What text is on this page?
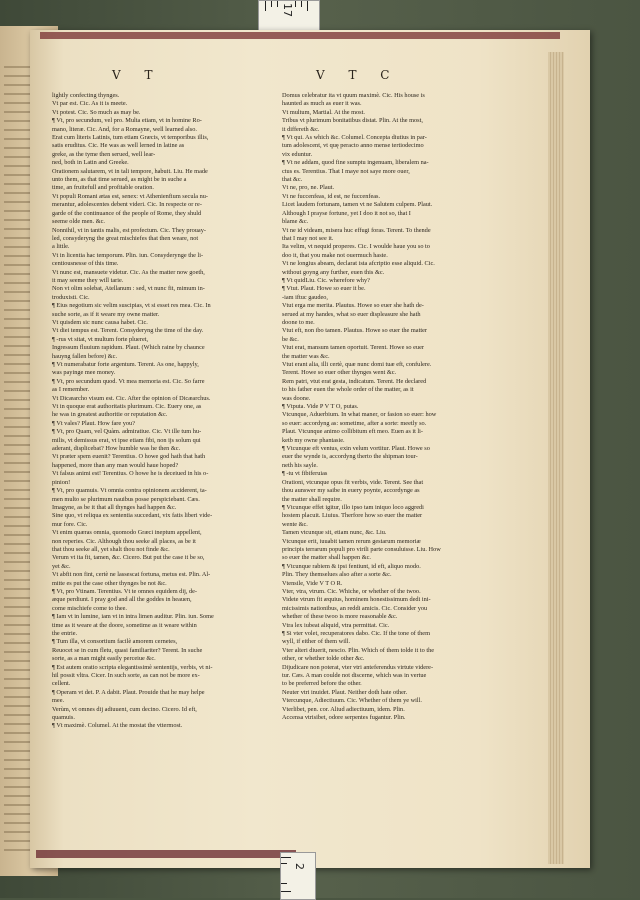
17
V T	V T C
lightly confecting thynges.
Vt par est. Cic. As it is meete.
Vt potest. Cic. So much as may be.
¶ Vt, pro secundum, vel pro. Multa etiam, vt in homine Ro-
mano, literæ. Cic. And, for a Romayne, well learned also.
Erat cum literis Latinis, tum etiam Græcis, vt temporibus illis,
satis eruditus. Cic. He was as well lerned in latine as
greke, as the tyme then serued, well lear-
ned, both in Latin and Greeke.
Orationem salutarem, vt in tali tempore, habuit. Liu. He made
unto them, as that time serued, as might be in suche a
time, an fruitefull and profitable oration.
Vt populi Romani ætas est, senex: vt Athenienfium secula nu-
merantur, adolescentes debent videri. Cic. In respecte or re-
garde of the continuance of the people of Rome, they shuld
seeme olde men. &c.
Nonnihil, vt in tantis malis, est profectum. Cic. They prouay-
led, consyderyng the great mischiefes that then weare, not
a little.
Vt in licentia hac temporum. Plin. iun. Consyderynge the li-
centiousnesse of this time.
Vt nunc est, mansuete videtur. Cic. As the matter now goeth,
it may seeme they will tarie.
Non vt olim solebat, Atellanum : sed, vt nunc fit, mimum in-
troduxisti. Cic.
¶ Eius negotium sic velim suscipias, vt si esset res mea. Cic. In
suche sorte, as if it weare my owne matter.
Vt quisdem sic nunc causa habet. Cic.
Vt diei tempus est. Terent. Consyderyng the time of the day.
¶ -rus vt sitat, vt multum forte plueret,
Ingressum fluuium rapidum. Plaut. (Which raine by chaunce
hauyng fallen before) &c.
¶ Vt numerabatur forte argentum. Terent. As one, happyly,
was payinge mee money.
¶ Vt, pro secundum quod. Vt mea memoria est. Cic. So farre
as I remember.
Vt Dicæarcho visum est. Cic. After the opinion of Dicæarchus.
Vt in quoque erat authoritatis plurimum. Cic. Euery one, as
he was in greatest authoritie or reputation &c.
¶ Vt vales? Plaut. How fare you?
¶ Vt, pro Quam, vel Quàm. admiratiue. Cic. Vt ille tum hu-
milis, vt demissus erat, vt ipse etiam fibi, non ijs solum qui
aderant, displicebat? How humble was he then &c.
Vt præter spem euenit? Terentius. O howe god hath that hath
happened, more than any man would haue hoped?
Vt falsus animi est! Terentius. O howe he is deceiued in his o-
pinion!
¶ Vt, pro quamuis. Vt omnia contra opinionem acciderent, ta-
men multo se plurimum nauibus posse perspiciebant. Cæs.
Imagyne, as be it that all thynges had happen &c.
Sine quo, vt reliqua ex sententia succedant, vix fatis liberi vide-
mur fore. Cic.
Vt enim quæras omnia, quomodo Græci ineptum appellent,
non reperies. Cic. Although thou seeke all places, as be it
that thou seeke all, yet shalt thou not finde &c.
Verum vt ita fit, tamen, &c. Cicero. But put the case it be so,
yet &c.
Vt abfit non fint, certè ne lassescat fortuna, metus est. Plin. Al-
mitte es put the case other thynges be not &c.
¶ Vt, pro Vtinam. Terentius. Vt te omnes equidem dij, de-
æque perdiunt. I pray god and all the goddes in heauen,
come mischiefe come to thee.
¶ Iam vt in lumine, iam vt in intra limen auditur. Plin. iun. Some
time as it weare at the doore, sometime as it weare within
the entrie.
¶ Tum illa, vt consortium facilè amorem cernetes,
Reuocet se in cum fletu, quasi familiariter? Terent. In suche
sorte, as a man might easily perceiue &c.
¶ Est autem oratio scripta elegantissimè sententijs, verbis, vt ni-
hil possit vltra. Cicer. In such sorte, as can not be more ex-
cellent.
¶ Operam vt det. P. A dabit. Plaut. Prouide that he may helpe
mee.
Verùm, vt omnes dij adiuuent, cum decino. Cicero. Id eft,
quamuis.
¶ Vt maximè. Columel. At the mostat the vttermost.
Domus celebratur ita vt quum maximè. Cic. His house is
haunted as much as euer it was.
Vt multum, Martial. At the most.
Tribus vt plurimum bonitatibus distat. Plin. At the most,
it differeth &c.
¶ Vt qui. As which &c. Columel. Concepta diutius in par-
tum adolescent, vt quę peracto anno mense tertiodecimo
vix eduntur.
¶ Vt ne addam, quod fine sumptu ingenuam, liberalem na-
ctus es. Terentius. That I maye not saye more ouer,
that &c.
Vt ne, pro, ne. Plaut.
Vt ne fuccenfeas, id est, ne fuccenfeas.
Licet laudem fortunam, tamen vt ne Salutem culpem. Plaut.
Although I prayse fortune, yet I doo it not so, that I
blame &c.
Vt ne id videam, misera huc effugi foras. Terent. To thende
that I may not see it.
Ita velim, vt nequid properes. Cic. I woulde haue you so to
doo it, that you make not ouermuch haste.
Vt ne longius abeam, declarat ista afcriptio esse aliquid. Cic.
without goyng any further, euen this &c.
¶ Vt quidLiu. Cic. wherefore why?
¶ Vtut. Plaut. Howe so euer it be.
-iam iftuc gaudeo,
Vtut erga me merita. Plautus. Howe so euer she hath de-
serued at my handes, what so euer displeasure she hath
doone to me.
Vtut eft, non ibo tamen. Plautus. Howe so euer the matter
be &c.
Vtut erat, mansum tamen oportuit. Terent. Howe so euer
the matter was &c.
Vtut erant alia, illi certè, quæ nunc domi tuæ eft, confulere.
Terent. Howe so euer other thynges went &c.
Rem patri, vtut erat gesta, indicatum. Terent. He declared
to his father euen the whole order of the matter, as it
was doone.
¶ Vtputa. Vide P V T O, putas.
Vtcunque, Aduerbium. In what maner, or fasion so euer: how
so euer: accordyng as: sometime, after a sorte: meetly so.
Plaut. Vtcunque animo collibitum eft meo. Euen as it li-
ketb my owne phantasie.
¶ Vtcunque eft ventus, exin velum vortitur. Plaut. Howe so
euer the wynde is, accordyng therto the shipman tour-
neth his sayle.
¶ -tu vt fibiferuias
Orationi, vtcunque opus fit verbis, vide. Terent. See that
thou aunswer my saibe in euery poynte, accordynge as
the matter shall require.
¶ Vtcunque effet igitur, illo ipso tam iniquo loco aggredi
hostem placuit. Liuius. Therfore how so euer the matter
wente &c.
Tamen vtcunque sit, etiam nunc, &c. Liu.
Vtcunque erit, iuuabit tamen rerum gestarum memoriæ
principis terrarum populi pro virili parte consuluisse. Liu. How
so euer the matter shall happen &c.
¶ Vtcunque rabiem & ipsi fentiunt, id eft, aliquo modo.
Plin. They themselues also after a sorte &c.
Vtensile, Vide V T O R.
Vter, vtra, vtrum. Cic. Whiche, or whether of the twoo.
Videte vtrum fit æquius, hominem honestissimum dedi ini-
micissimis nationibus, an reddi amicis. Cic. Consider you
whether of these twoo is more reasonable &c.
Vtra lex iubeat aliquid, vtra permittat. Cic.
¶ Si vter volet, recuperatores dabo. Cic. If the tone of them
wyll, if either of them will.
Vter alteri diuerit, nescio. Plin. Which of them tolde it to the
other, or whether tolde other &c.
Dijudicare non poterat, vter vtri anteferendus virtute videre-
tur. Cæs. A man coulde not discerne, which was in vertue
to be preferred before the other.
Neuter vtri inuidet. Plaut. Neither doth hate other.
Vtercunque, Adiectiuum. Cic. Whether of them ye will.
Vterlibet, pen. cor. Aliud adiectiuum, idem. Plin.
Accensa vtrisibet, odore serpentes fugantur. Plin.
2
